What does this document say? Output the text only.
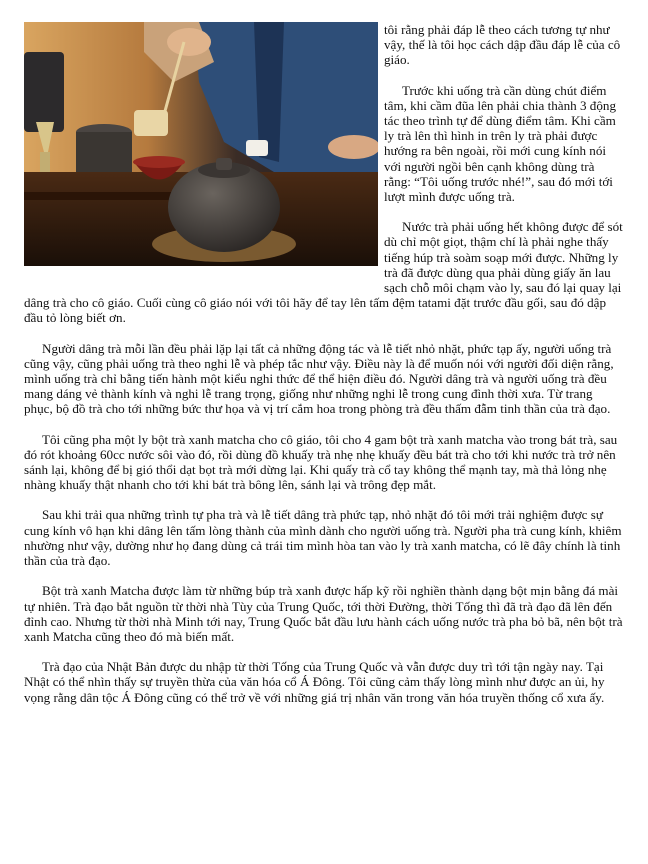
tôi rằng phải đáp lễ theo cách tương tự như vậy, thế là tôi học cách dập đầu đáp lễ của cô giáo.

Trước khi uống trà cần dùng chút điểm tâm, khi cầm đũa lên phải chia thành 3 động tác theo trình tự để dùng điểm tâm. Khi cầm ly trà lên thì hình in trên ly trà phải được hướng ra bên ngoài, rồi mới cung kính nói với người ngồi bên cạnh không dùng trà rằng: “Tôi uống trước nhé!”, sau đó mới tới lượt mình được uống trà.

Nước trà phải uống hết không được để sót dù chỉ một giọt, thậm chí là phải nghe thấy tiếng húp trà soàm soạp mới được. Những ly trà đã được dùng qua phải dùng giấy ăn lau sạch chỗ môi chạm vào ly, sau đó lại quay lại dâng trà cho cô giáo. Cuối cùng cô giáo nói với tôi hãy để tay lên tấm đệm tatami đặt trước đầu gối, sau đó dập đầu tỏ lòng biết ơn.

Người dâng trà mỗi lần đều phải lặp lại tất cả những động tác và lễ tiết nhỏ nhặt, phức tạp ấy, người uống trà cũng vậy, cũng phải uống trà theo nghi lễ và phép tắc như vậy. Điều này là để muốn nói với người đối diện rằng, mình uống trà chỉ bằng tiến hành một kiểu nghi thức để thể hiện điều đó. Người dâng trà và người uống trà đều mang dáng vẻ thành kính và nghi lễ trang trọng, giống như những nghi lễ trong cung đình thời xưa. Từ trang phục, bộ đồ trà cho tới những bức thư họa và vị trí cắm hoa trong phòng trà đều thấm đẫm tinh thần của trà đạo.

Tôi cũng pha một ly bột trà xanh matcha cho cô giáo, tôi cho 4 gam bột trà xanh matcha vào trong bát trà, sau đó rót khoảng 60cc nước sôi vào đó, rồi dùng đồ khuấy trà nhẹ nhẹ khuấy đều bát trà cho tới khi nước trà trở nên sánh lại, không để bị gió thổi dạt bọt trà mới dừng lại. Khi quấy trà cổ tay không thể mạnh tay, mà thả lỏng nhẹ nhàng khuấy thật nhanh cho tới khi bát trà bông lên, sánh lại và trông đẹp mắt.

Sau khi trải qua những trình tự pha trà và lễ tiết dâng trà phức tạp, nhỏ nhặt đó tôi mới trải nghiệm được sự cung kính vô hạn khi dâng lên tấm lòng thành của mình dành cho người uống trà. Người pha trà cung kính, khiêm nhường như vậy, dường như họ đang dùng cả trái tim mình hòa tan vào ly trà xanh matcha, có lẽ đây chính là tinh thần của trà đạo.

Bột trà xanh Matcha được làm từ những búp trà xanh được hấp kỹ rồi nghiền thành dạng bột mịn bằng đá mài tự nhiên. Trà đạo bắt nguồn từ thời nhà Tùy của Trung Quốc, tới thời Đường, thời Tống thì đã trà đạo đã lên đến đỉnh cao. Nhưng từ thời nhà Minh tới nay, Trung Quốc bắt đầu lưu hành cách uống nước trà pha bỏ bã, nên bột trà xanh Matcha cũng theo đó mà biến mất.

Trà đạo của Nhật Bản được du nhập từ thời Tống của Trung Quốc và vẫn được duy trì tới tận ngày nay. Tại Nhật có thể nhìn thấy sự truyền thừa của văn hóa cổ Á Đông. Tôi cũng cảm thấy lòng mình như được an ủi, hy vọng rằng dân tộc Á Đông cũng có thể trở về với những giá trị nhân văn trong văn hóa truyền thống cổ xưa ấy.
